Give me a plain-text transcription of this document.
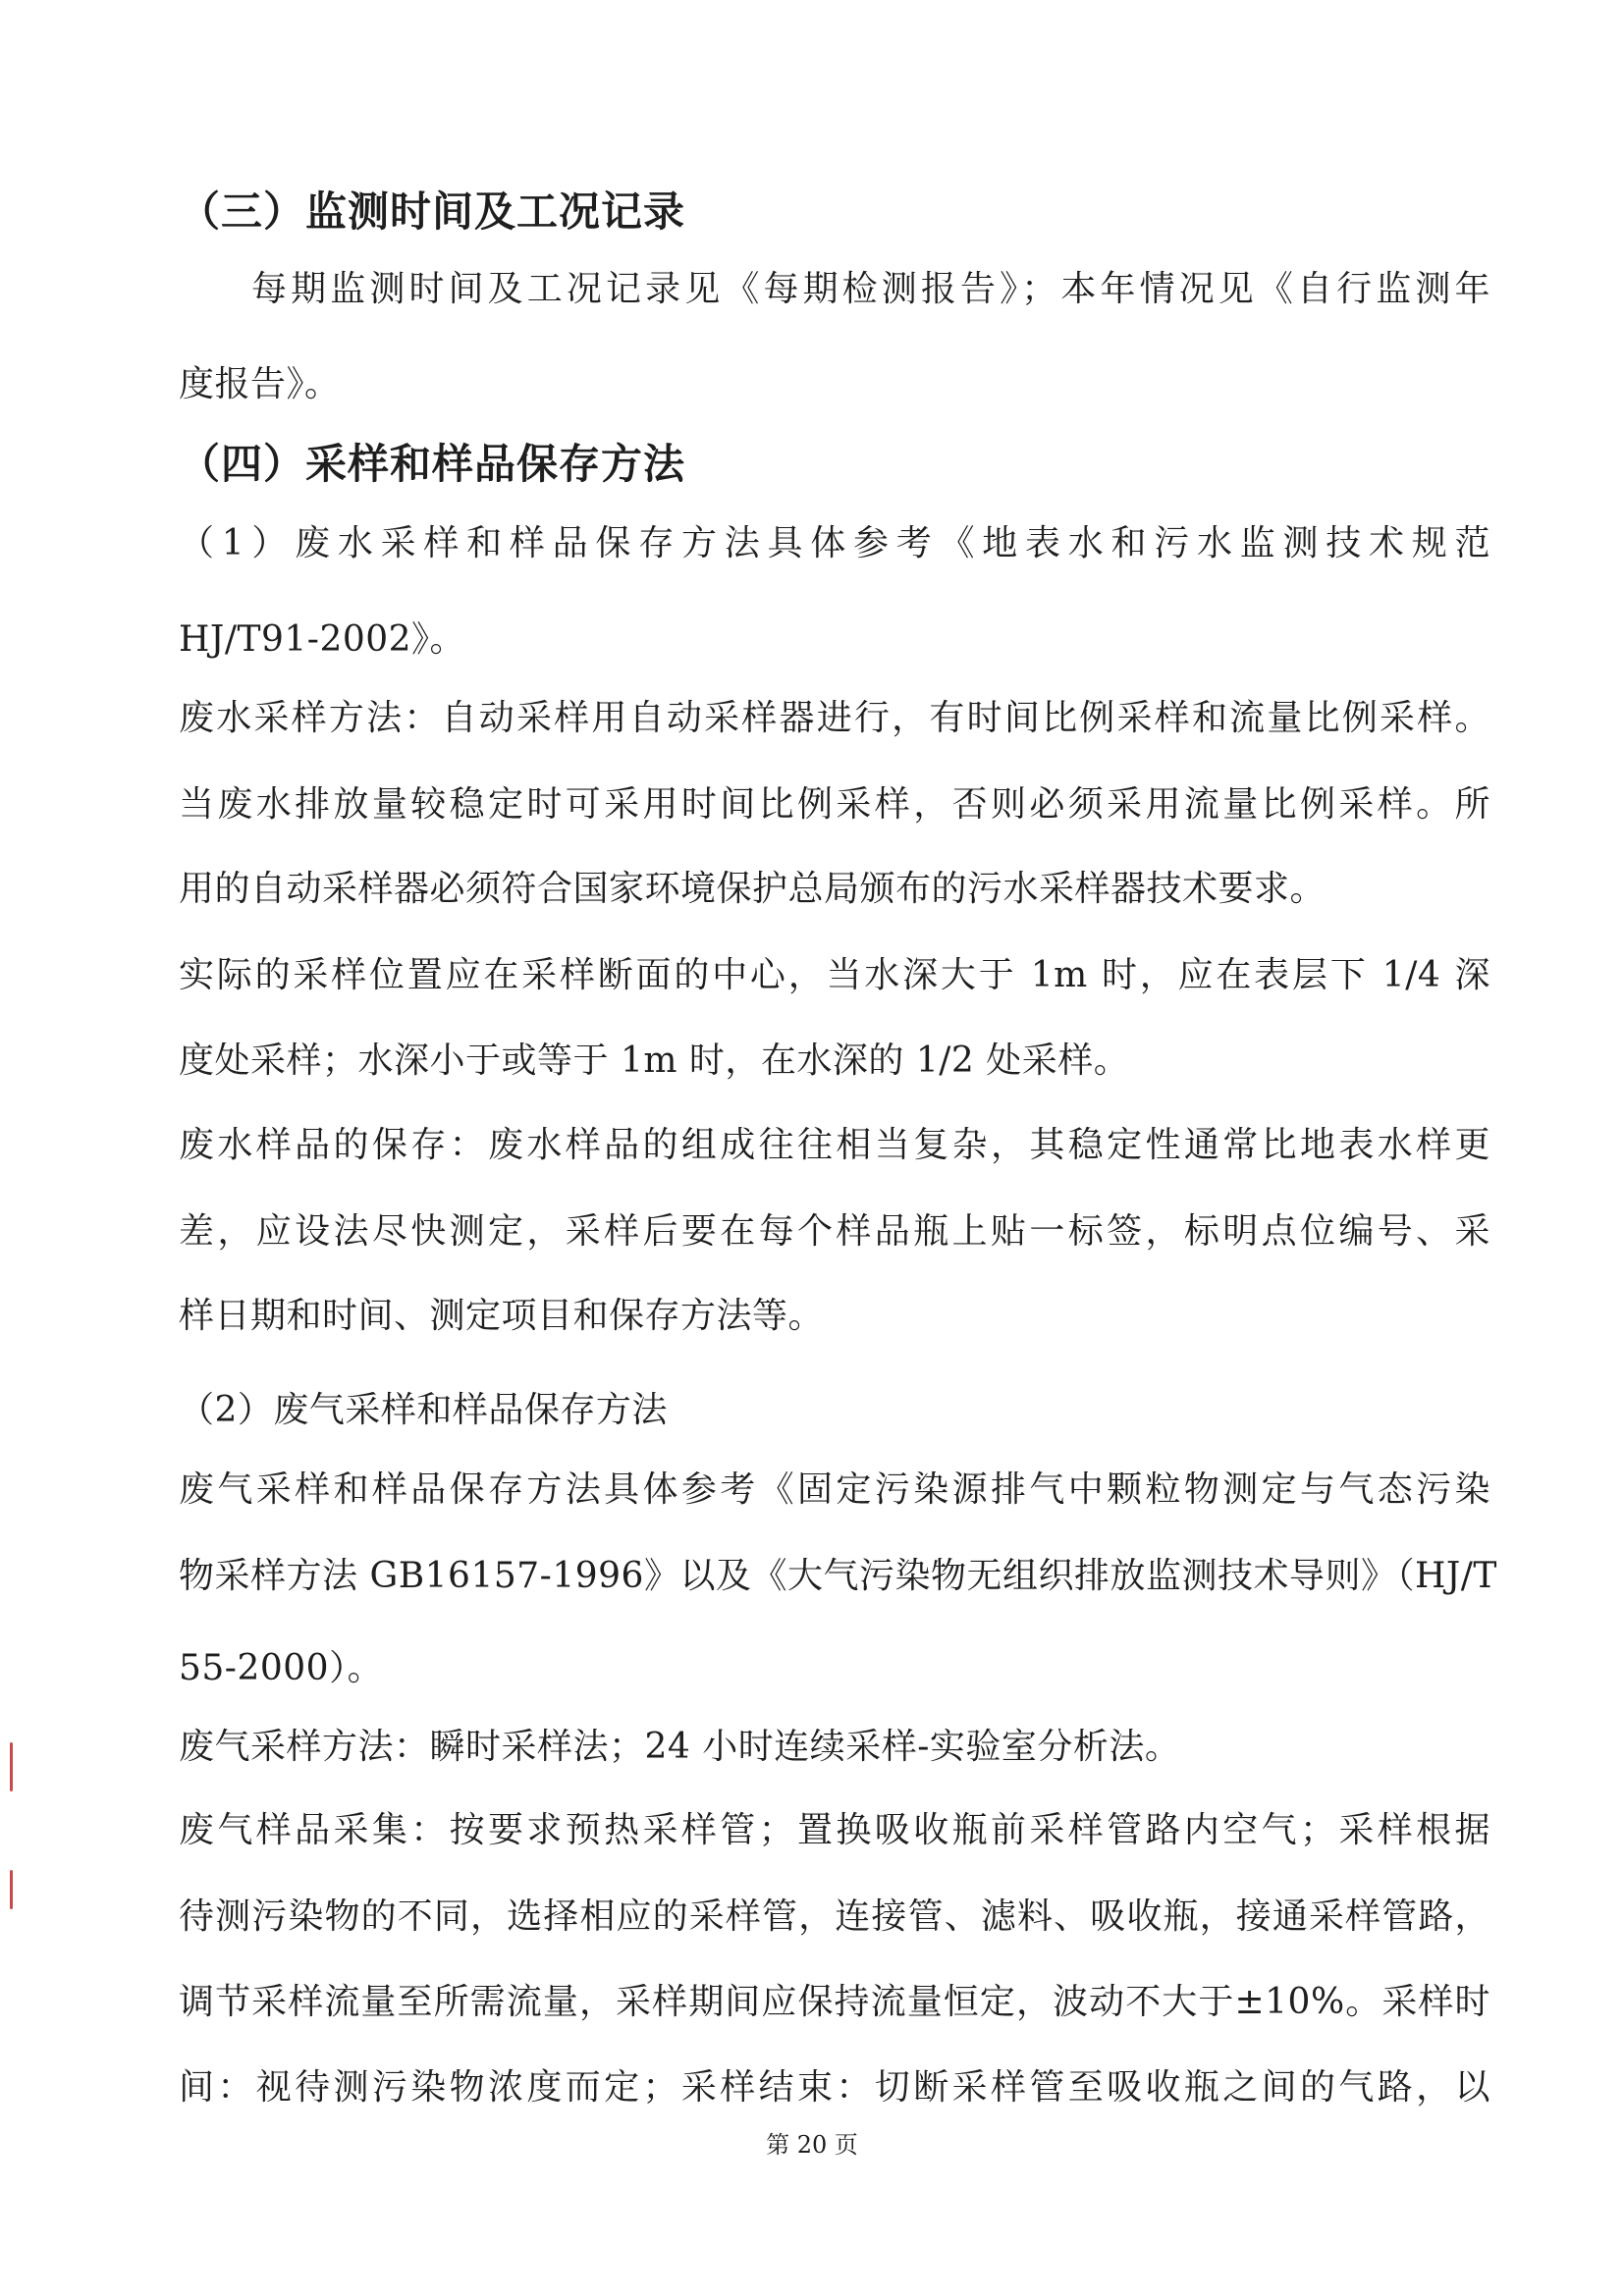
（三）监测时间及工况记录

每期监测时间及工况记录见《每期检测报告》；本年情况见《自行监测年

度报告》。

（四）采样和样品保存方法

（1）废水采样和样品保存方法具体参考《地表水和污水监测技术规范

HJ/T91-2002》。

废水采样方法：自动采样用自动采样器进行，有时间比例采样和流量比例采样。

当废水排放量较稳定时可采用时间比例采样，否则必须采用流量比例采样。所

用的自动采样器必须符合国家环境保护总局颁布的污水采样器技术要求。

实际的采样位置应在采样断面的中心，当水深大于 1m 时，应在表层下 1/4 深

度处采样；水深小于或等于 1m 时，在水深的 1/2 处采样。

废水样品的保存：废水样品的组成往往相当复杂，其稳定性通常比地表水样更

差，应设法尽快测定，采样后要在每个样品瓶上贴一标签，标明点位编号、采

样日期和时间、测定项目和保存方法等。

（2）废气采样和样品保存方法

废气采样和样品保存方法具体参考《固定污染源排气中颗粒物测定与气态污染

物采样方法 GB16157-1996》以及《大气污染物无组织排放监测技术导则》（HJ/T

55-2000）。

废气采样方法：瞬时采样法；24 小时连续采样-实验室分析法。

废气样品采集：按要求预热采样管；置换吸收瓶前采样管路内空气；采样根据

待测污染物的不同，选择相应的采样管，连接管、滤料、吸收瓶，接通采样管路，

调节采样流量至所需流量，采样期间应保持流量恒定，波动不大于±10%。采样时

间：视待测污染物浓度而定；采样结束：切断采样管至吸收瓶之间的气路，以

第 20 页
